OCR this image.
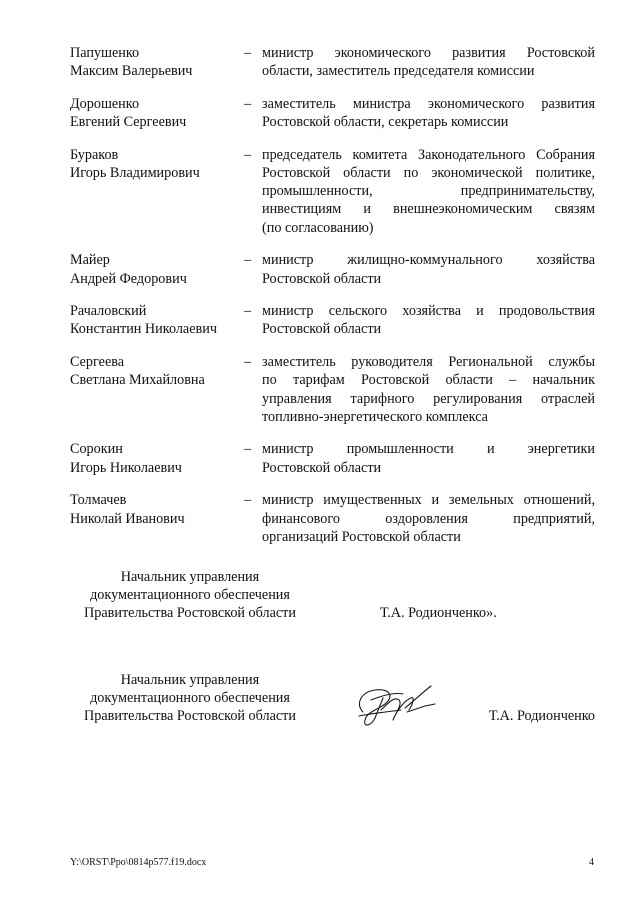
Папушенко
Максим Валерьевич
– министр экономического развития Ростовской
области, заместитель председателя комиссии
Дорошенко
Евгений Сергеевич
– заместитель министра экономического развития
Ростовской области, секретарь комиссии
Бураков
Игорь Владимирович
– председатель комитета Законодательного Собрания
Ростовской области по экономической политике,
промышленности, предпринимательству,
инвестициям и внешнеэкономическим связям
(по согласованию)
Майер
Андрей Федорович
– министр жилищно-коммунального хозяйства
Ростовской области
Рачаловский
Константин Николаевич
– министр сельского хозяйства и продовольствия
Ростовской области
Сергеева
Светлана Михайловна
– заместитель руководителя Региональной службы
по тарифам Ростовской области – начальник
управления тарифного регулирования отраслей
топливно-энергетического комплекса
Сорокин
Игорь Николаевич
– министр промышленности и энергетики
Ростовской области
Толмачев
Николай Иванович
– министр имущественных и земельных отношений,
финансового оздоровления предприятий,
организаций Ростовской области
Начальник управления
документационного обеспечения
Правительства Ростовской области	Т.А. Родионченко».
Начальник управления
документационного обеспечения
Правительства Ростовской области	Т.А. Родионченко
Y:\ORST\Ppo\0814p577.f19.docx	4
